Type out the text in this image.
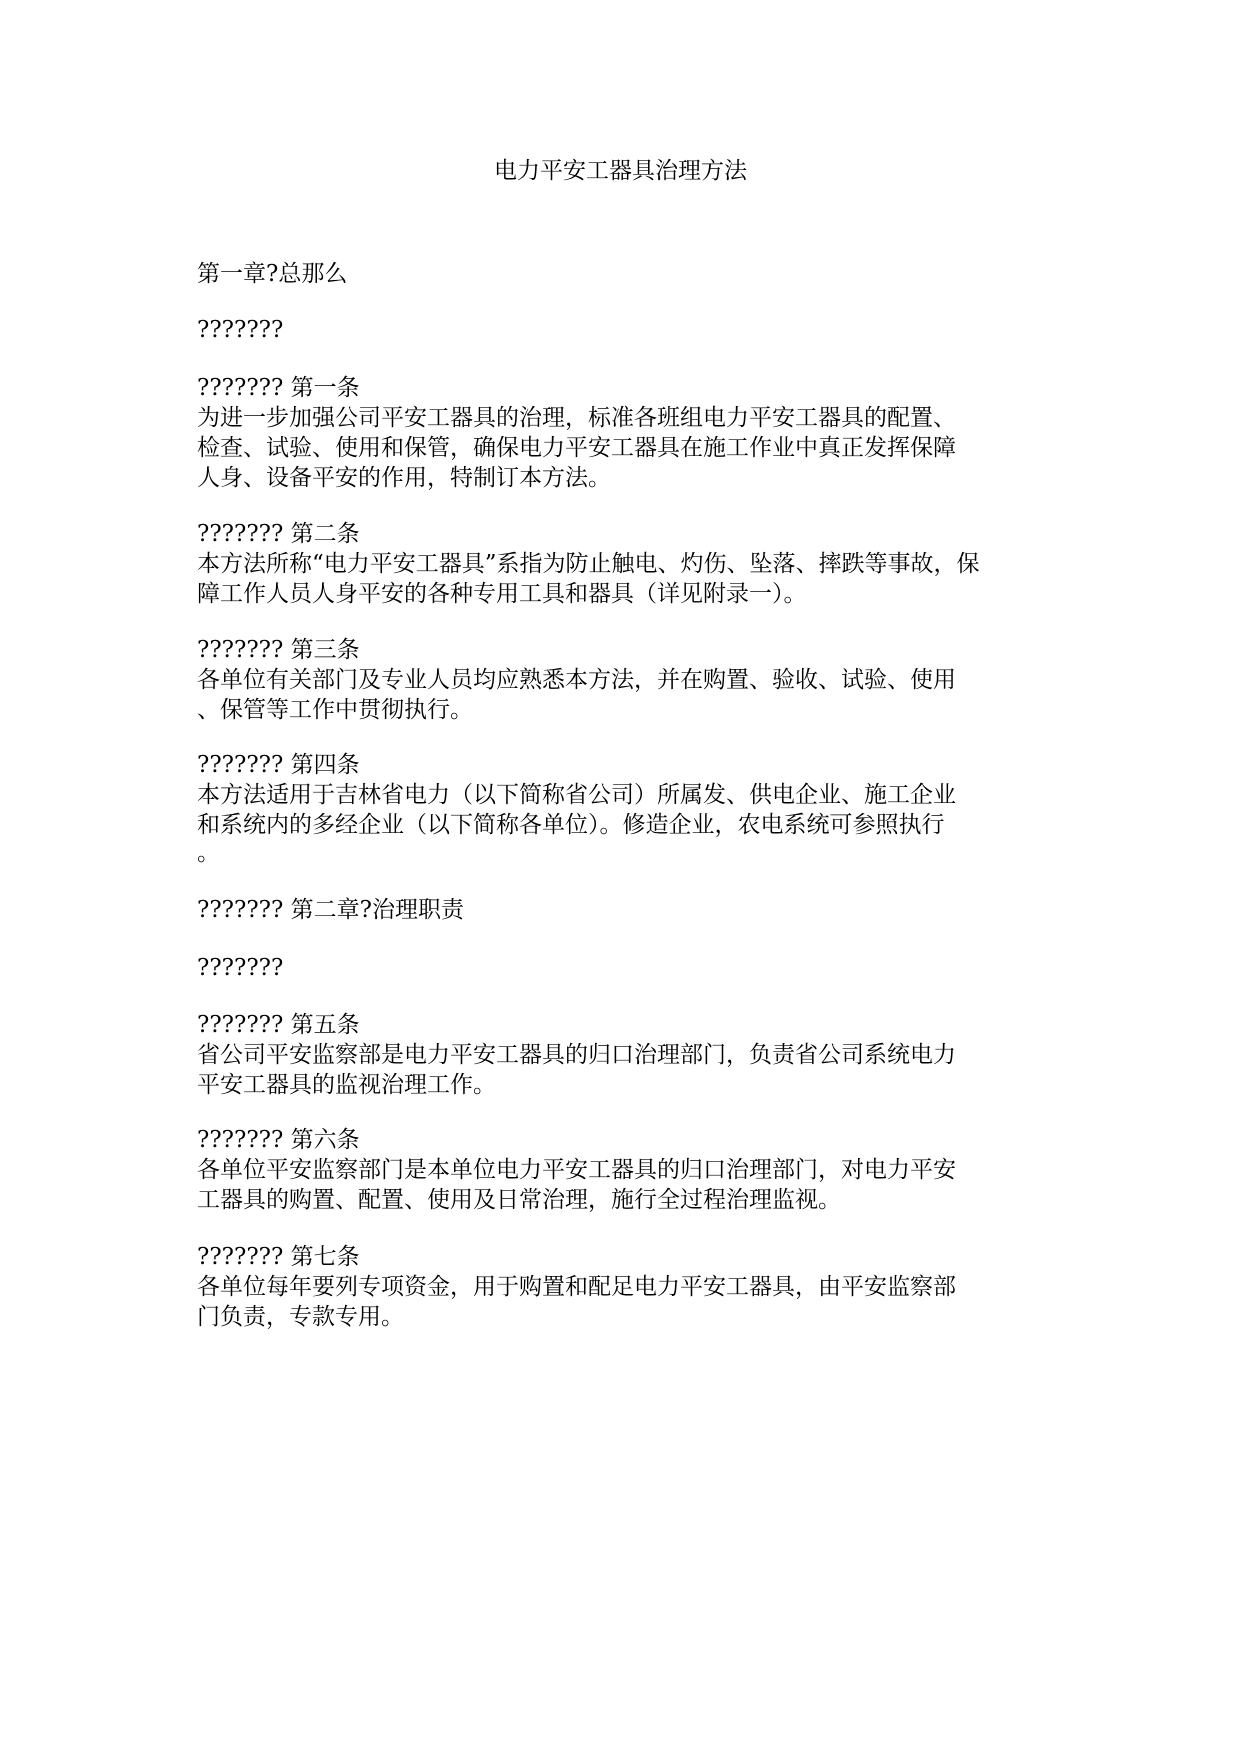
电力平安工器具治理方法
第一章?总那么
???????
??????? 第一条
为进一步加强公司平安工器具的治理，标准各班组电力平安工器具的配置、
检查、试验、使用和保管，确保电力平安工器具在施工作业中真正发挥保障
人身、设备平安的作用，特制订本方法。
??????? 第二条
本方法所称“电力平安工器具”系指为防止触电、灼伤、坠落、摔跌等事故，保
障工作人员人身平安的各种专用工具和器具（详见附录一）。
??????? 第三条
各单位有关部门及专业人员均应熟悉本方法，并在购置、验收、试验、使用
、保管等工作中贯彻执行。
??????? 第四条
本方法适用于吉林省电力（以下简称省公司）所属发、供电企业、施工企业
和系统内的多经企业（以下简称各单位）。修造企业，农电系统可参照执行
。
??????? 第二章?治理职责
???????
??????? 第五条
省公司平安监察部是电力平安工器具的归口治理部门，负责省公司系统电力
平安工器具的监视治理工作。
??????? 第六条
各单位平安监察部门是本单位电力平安工器具的归口治理部门，对电力平安
工器具的购置、配置、使用及日常治理，施行全过程治理监视。
??????? 第七条
各单位每年要列专项资金，用于购置和配足电力平安工器具，由平安监察部
门负责，专款专用。
